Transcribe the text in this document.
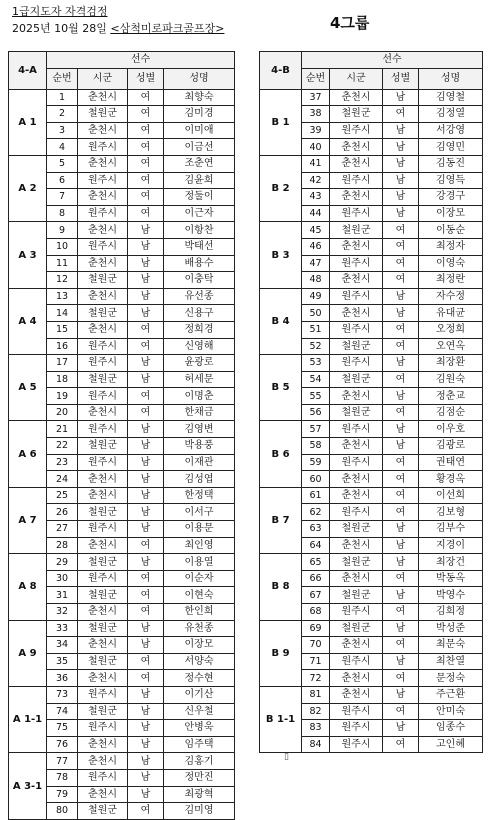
1급지도자 자격검정
2025년 10월 28일 <삼척미로파크골프장>	4그룹
4-A	선수			
	순번	시군	성별	성명
A 1	1	춘천시	여	최향숙
	2	철원군	여	김미경
	3	춘천시	여	이미애
	4	원주시	여	이금선
A 2	5	춘천시	여	조춘연
	6	원주시	여	김윤희
	7	춘천시	여	정둘이
	8	원주시	여	이근자
A 3	9	춘천시	남	이항찬
	10	원주시	남	박태선
	11	춘천시	남	배용수
	12	철원군	남	이충탁
A 4	13	춘천시	남	유선종
	14	철원군	남	신용구
	15	춘천시	여	정희경
	16	원주시	여	신영해
A 5	17	원주시	남	윤광로
	18	철원군	남	허세문
	19	원주시	여	이명춘
	20	춘천시	여	한채금
A 6	21	원주시	남	김영변
	22	철원군	남	박용풍
	23	원주시	남	이재관
	24	춘천시	남	김성엽
A 7	25	춘천시	남	한정택
	26	철원군	남	이서구
	27	원주시	남	이용문
	28	춘천시	여	최인영
A 8	29	철원군	남	이용열
	30	원주시	여	이순자
	31	철원군	여	이현숙
	32	춘천시	여	한인희
A 9	33	철원군	남	유천종
	34	춘천시	남	이장모
	35	철원군	여	서양숙
	36	춘천시	여	정수현
A 1-1	73	원주시	남	이기산
	74	철원군	남	신우철
	75	원주시	남	안병욱
	76	춘천시	남	임주택
A 3-1	77	춘천시	남	김홍기
	78	원주시	남	정만진
	79	춘천시	남	최광혁
	80	철원군	여	김미영
4-B	선수			
	순번	시군	성별	성명
B 1	37	춘천시	남	김영철
	38	철원군	여	김정열
	39	원주시	남	서강영
	40	춘천시	남	김영민
B 2	41	춘천시	남	김동진
	42	원주시	남	김영득
	43	춘천시	남	강경구
	44	원주시	남	이장모
B 3	45	철원군	여	이동순
	46	춘천시	여	최정자
	47	원주시	여	이영숙
	48	춘천시	여	최정란
B 4	49	원주시	남	자수정
	50	춘천시	남	유대균
	51	원주시	여	오정희
	52	철원군	여	오연옥
B 5	53	원주시	남	최장환
	54	철원군	여	김원숙
	55	춘천시	남	정춘교
	56	철원군	여	김점순
B 6	57	원주시	남	이우호
	58	춘천시	남	김광로
	59	원주시	여	권태연
	60	춘천시	여	황경옥
B 7	61	춘천시	여	이선희
	62	원주시	여	김보형
	63	철원군	남	김부수
	64	춘천시	남	지경이
B 8	65	철원군	남	최장건
	66	춘천시	여	박동옥
	67	철원군	남	박영수
	68	원주시	여	김희정
B 9	69	철원군	남	박성준
	70	춘천시	여	최문숙
	71	원주시	남	최찬열
	72	춘천시	여	문정숙
B 1-1	81	춘천시	남	주근환
	82	원주시	여	안미숙
	83	원주시	남	임종수
	84	원주시	여	고인혜
▯
